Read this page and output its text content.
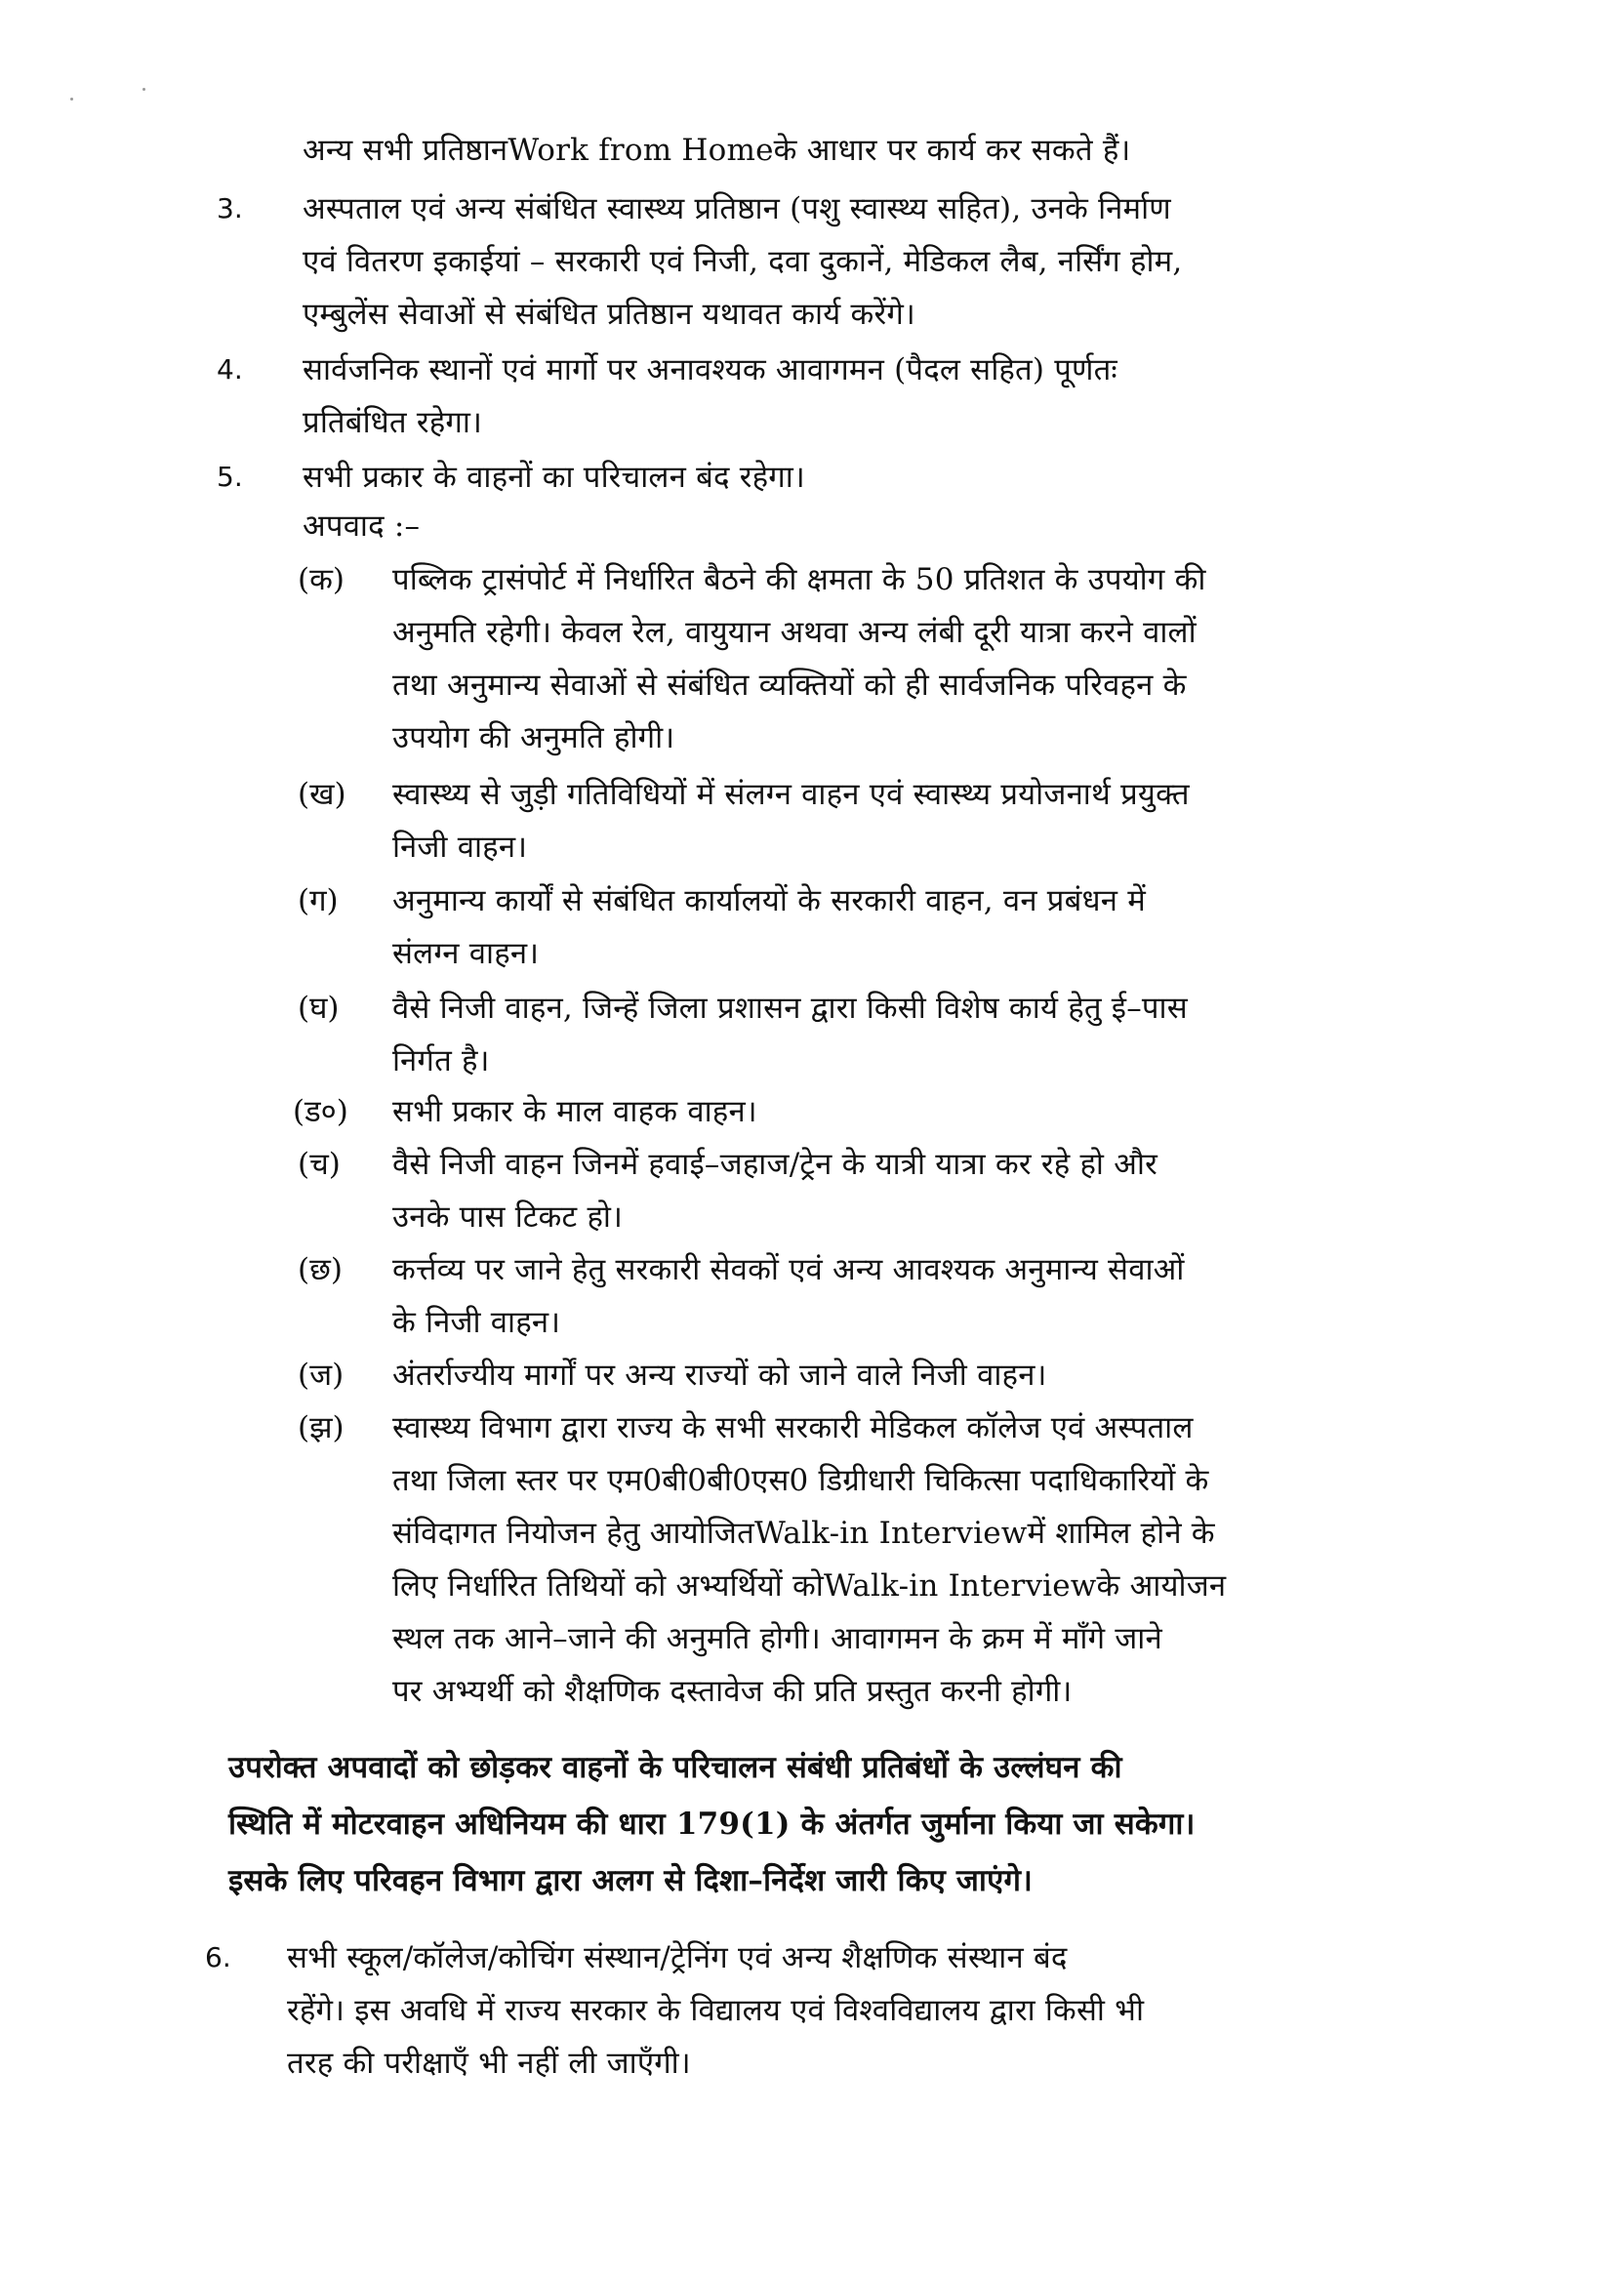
अन्य सभी प्रतिष्ठानWork from Homeके आधार पर कार्य कर सकते हैं।
3. अस्पताल एवं अन्य संबंधित स्वास्थ्य प्रतिष्ठान (पशु स्वास्थ्य सहित), उनके निर्माण
एवं वितरण इकाईयां – सरकारी एवं निजी, दवा दुकानें, मेडिकल लैब, नर्सिंग होम,
एम्बुलेंस सेवाओं से संबंधित प्रतिष्ठान यथावत कार्य करेंगे।
4. सार्वजनिक स्थानों एवं मार्गो पर अनावश्यक आवागमन (पैदल सहित) पूर्णतः
प्रतिबंधित रहेगा।
5. सभी प्रकार के वाहनों का परिचालन बंद रहेगा।
अपवाद :–
(क) पब्लिक ट्रासंपोर्ट में निर्धारित बैठने की क्षमता के 50 प्रतिशत के उपयोग की
अनुमति रहेगी। केवल रेल, वायुयान अथवा अन्य लंबी दूरी यात्रा करने वालों
तथा अनुमान्य सेवाओं से संबंधित व्यक्तियों को ही सार्वजनिक परिवहन के
उपयोग की अनुमति होगी।
(ख) स्वास्थ्य से जुड़ी गतिविधियों में संलग्न वाहन एवं स्वास्थ्य प्रयोजनार्थ प्रयुक्त
निजी वाहन।
(ग) अनुमान्य कार्यों से संबंधित कार्यालयों के सरकारी वाहन, वन प्रबंधन में
संलग्न वाहन।
(घ) वैसे निजी वाहन, जिन्हें जिला प्रशासन द्वारा किसी विशेष कार्य हेतु ई–पास
निर्गत है।
(ड०) सभी प्रकार के माल वाहक वाहन।
(च) वैसे निजी वाहन जिनमें हवाई–जहाज/ट्रेन के यात्री यात्रा कर रहे हो और
उनके पास टिकट हो।
(छ) कर्त्तव्य पर जाने हेतु सरकारी सेवकों एवं अन्य आवश्यक अनुमान्य सेवाओं
के निजी वाहन।
(ज) अंतर्राज्यीय मार्गों पर अन्य राज्यों को जाने वाले निजी वाहन।
(झ) स्वास्थ्य विभाग द्वारा राज्य के सभी सरकारी मेडिकल कॉलेज एवं अस्पताल
तथा जिला स्तर पर एम0बी0बी0एस0 डिग्रीधारी चिकित्सा पदाधिकारियों के
संविदागत नियोजन हेतु आयोजितWalk-in Interviewमें शामिल होने के
लिए निर्धारित तिथियों को अभ्यर्थियों कोWalk-in Interviewके आयोजन
स्थल तक आने–जाने की अनुमति होगी। आवागमन के क्रम में माँगे जाने
पर अभ्यर्थी को शैक्षणिक दस्तावेज की प्रति प्रस्तुत करनी होगी।
उपरोक्त अपवादों को छोड़कर वाहनों के परिचालन संबंधी प्रतिबंधों के उल्लंघन की
स्थिति में मोटरवाहन अधिनियम की धारा 179(1) के अंतर्गत जुर्माना किया जा सकेगा।
इसके लिए परिवहन विभाग द्वारा अलग से दिशा–निर्देश जारी किए जाएंगे।
6. सभी स्कूल/कॉलेज/कोचिंग संस्थान/ट्रेनिंग एवं अन्य शैक्षणिक संस्थान बंद
रहेंगे। इस अवधि में राज्य सरकार के विद्यालय एवं विश्वविद्यालय द्वारा किसी भी
तरह की परीक्षाएँ भी नहीं ली जाएँगी।
